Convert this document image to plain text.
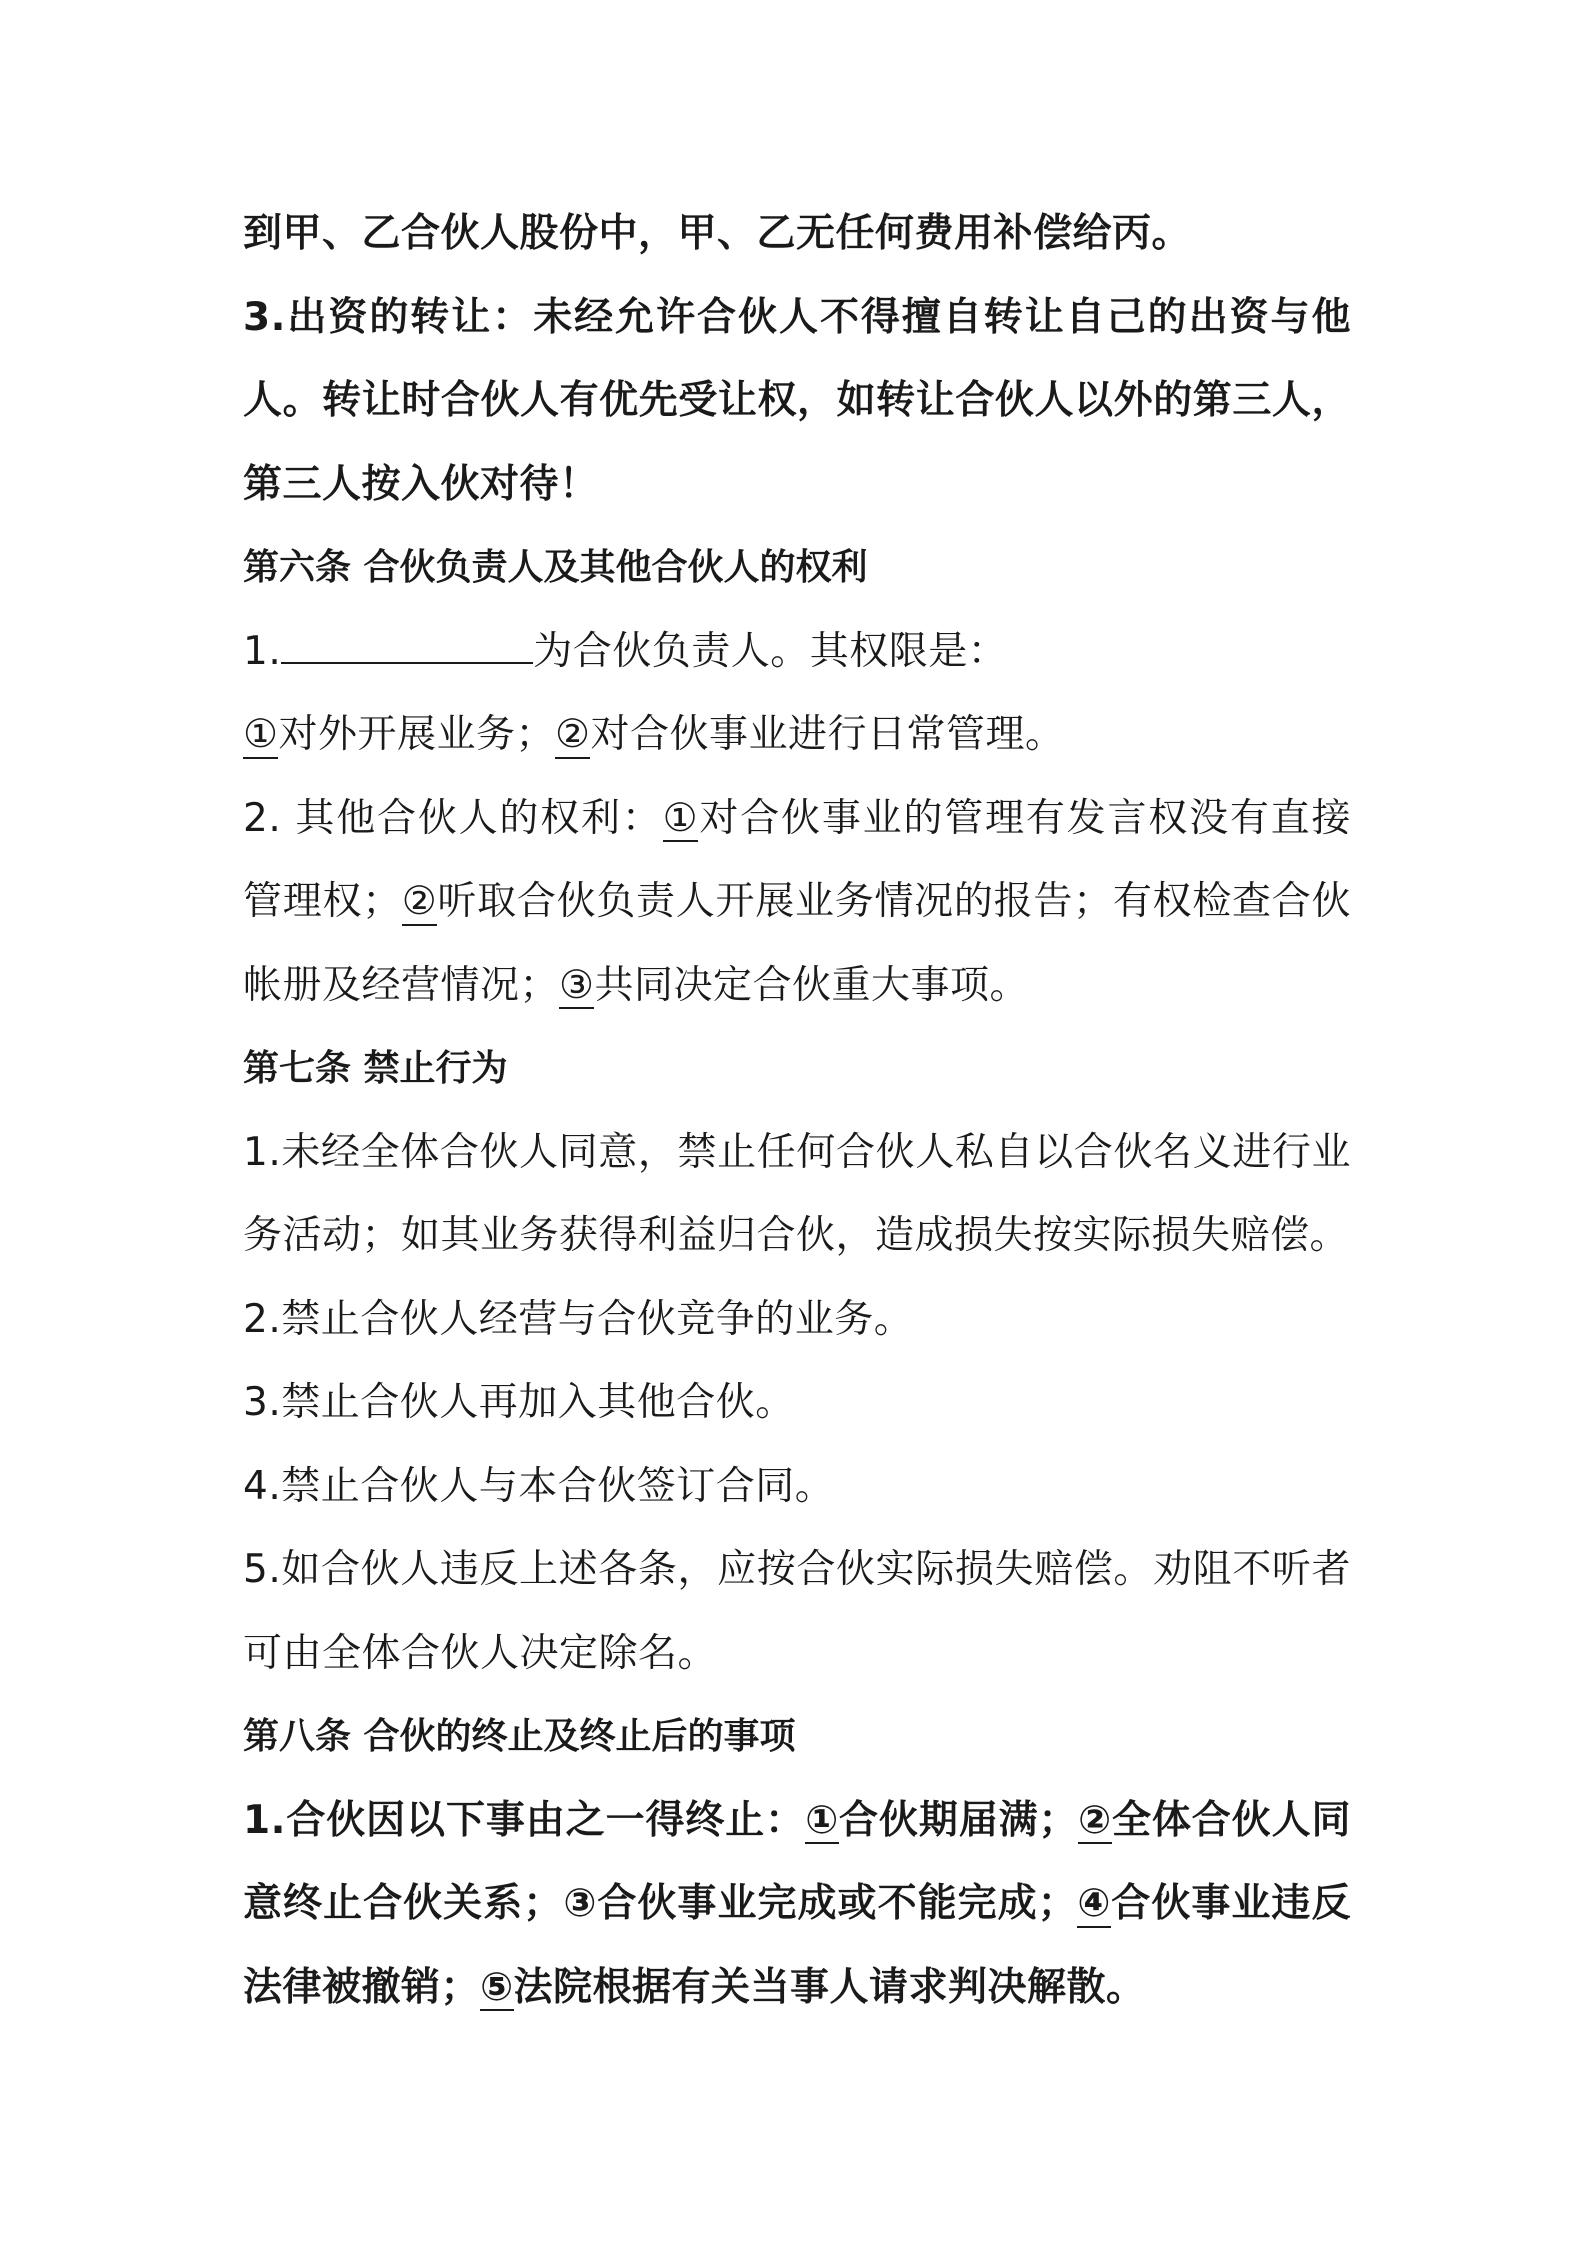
到甲、乙合伙人股份中，甲、乙无任何费用补偿给丙。

3.出资的转让：未经允许合伙人不得擅自转让自己的出资与他人。转让时合伙人有优先受让权，如转让合伙人以外的第三人，第三人按入伙对待！

第六条 合伙负责人及其他合伙人的权利

1.	为合伙负责人。其权限是：

①对外开展业务；②对合伙事业进行日常管理。

2. 其他合伙人的权利：①对合伙事业的管理有发言权没有直接管理权；②听取合伙负责人开展业务情况的报告；有权检查合伙帐册及经营情况；③共同决定合伙重大事项。

第七条 禁止行为

1.未经全体合伙人同意，禁止任何合伙人私自以合伙名义进行业务活动；如其业务获得利益归合伙，造成损失按实际损失赔偿。

2.禁止合伙人经营与合伙竞争的业务。

3.禁止合伙人再加入其他合伙。

4.禁止合伙人与本合伙签订合同。

5.如合伙人违反上述各条，应按合伙实际损失赔偿。劝阻不听者可由全体合伙人决定除名。

第八条 合伙的终止及终止后的事项

1.合伙因以下事由之一得终止：①合伙期届满；②全体合伙人同意终止合伙关系；③合伙事业完成或不能完成；④合伙事业违反法律被撤销；⑤法院根据有关当事人请求判决解散。
